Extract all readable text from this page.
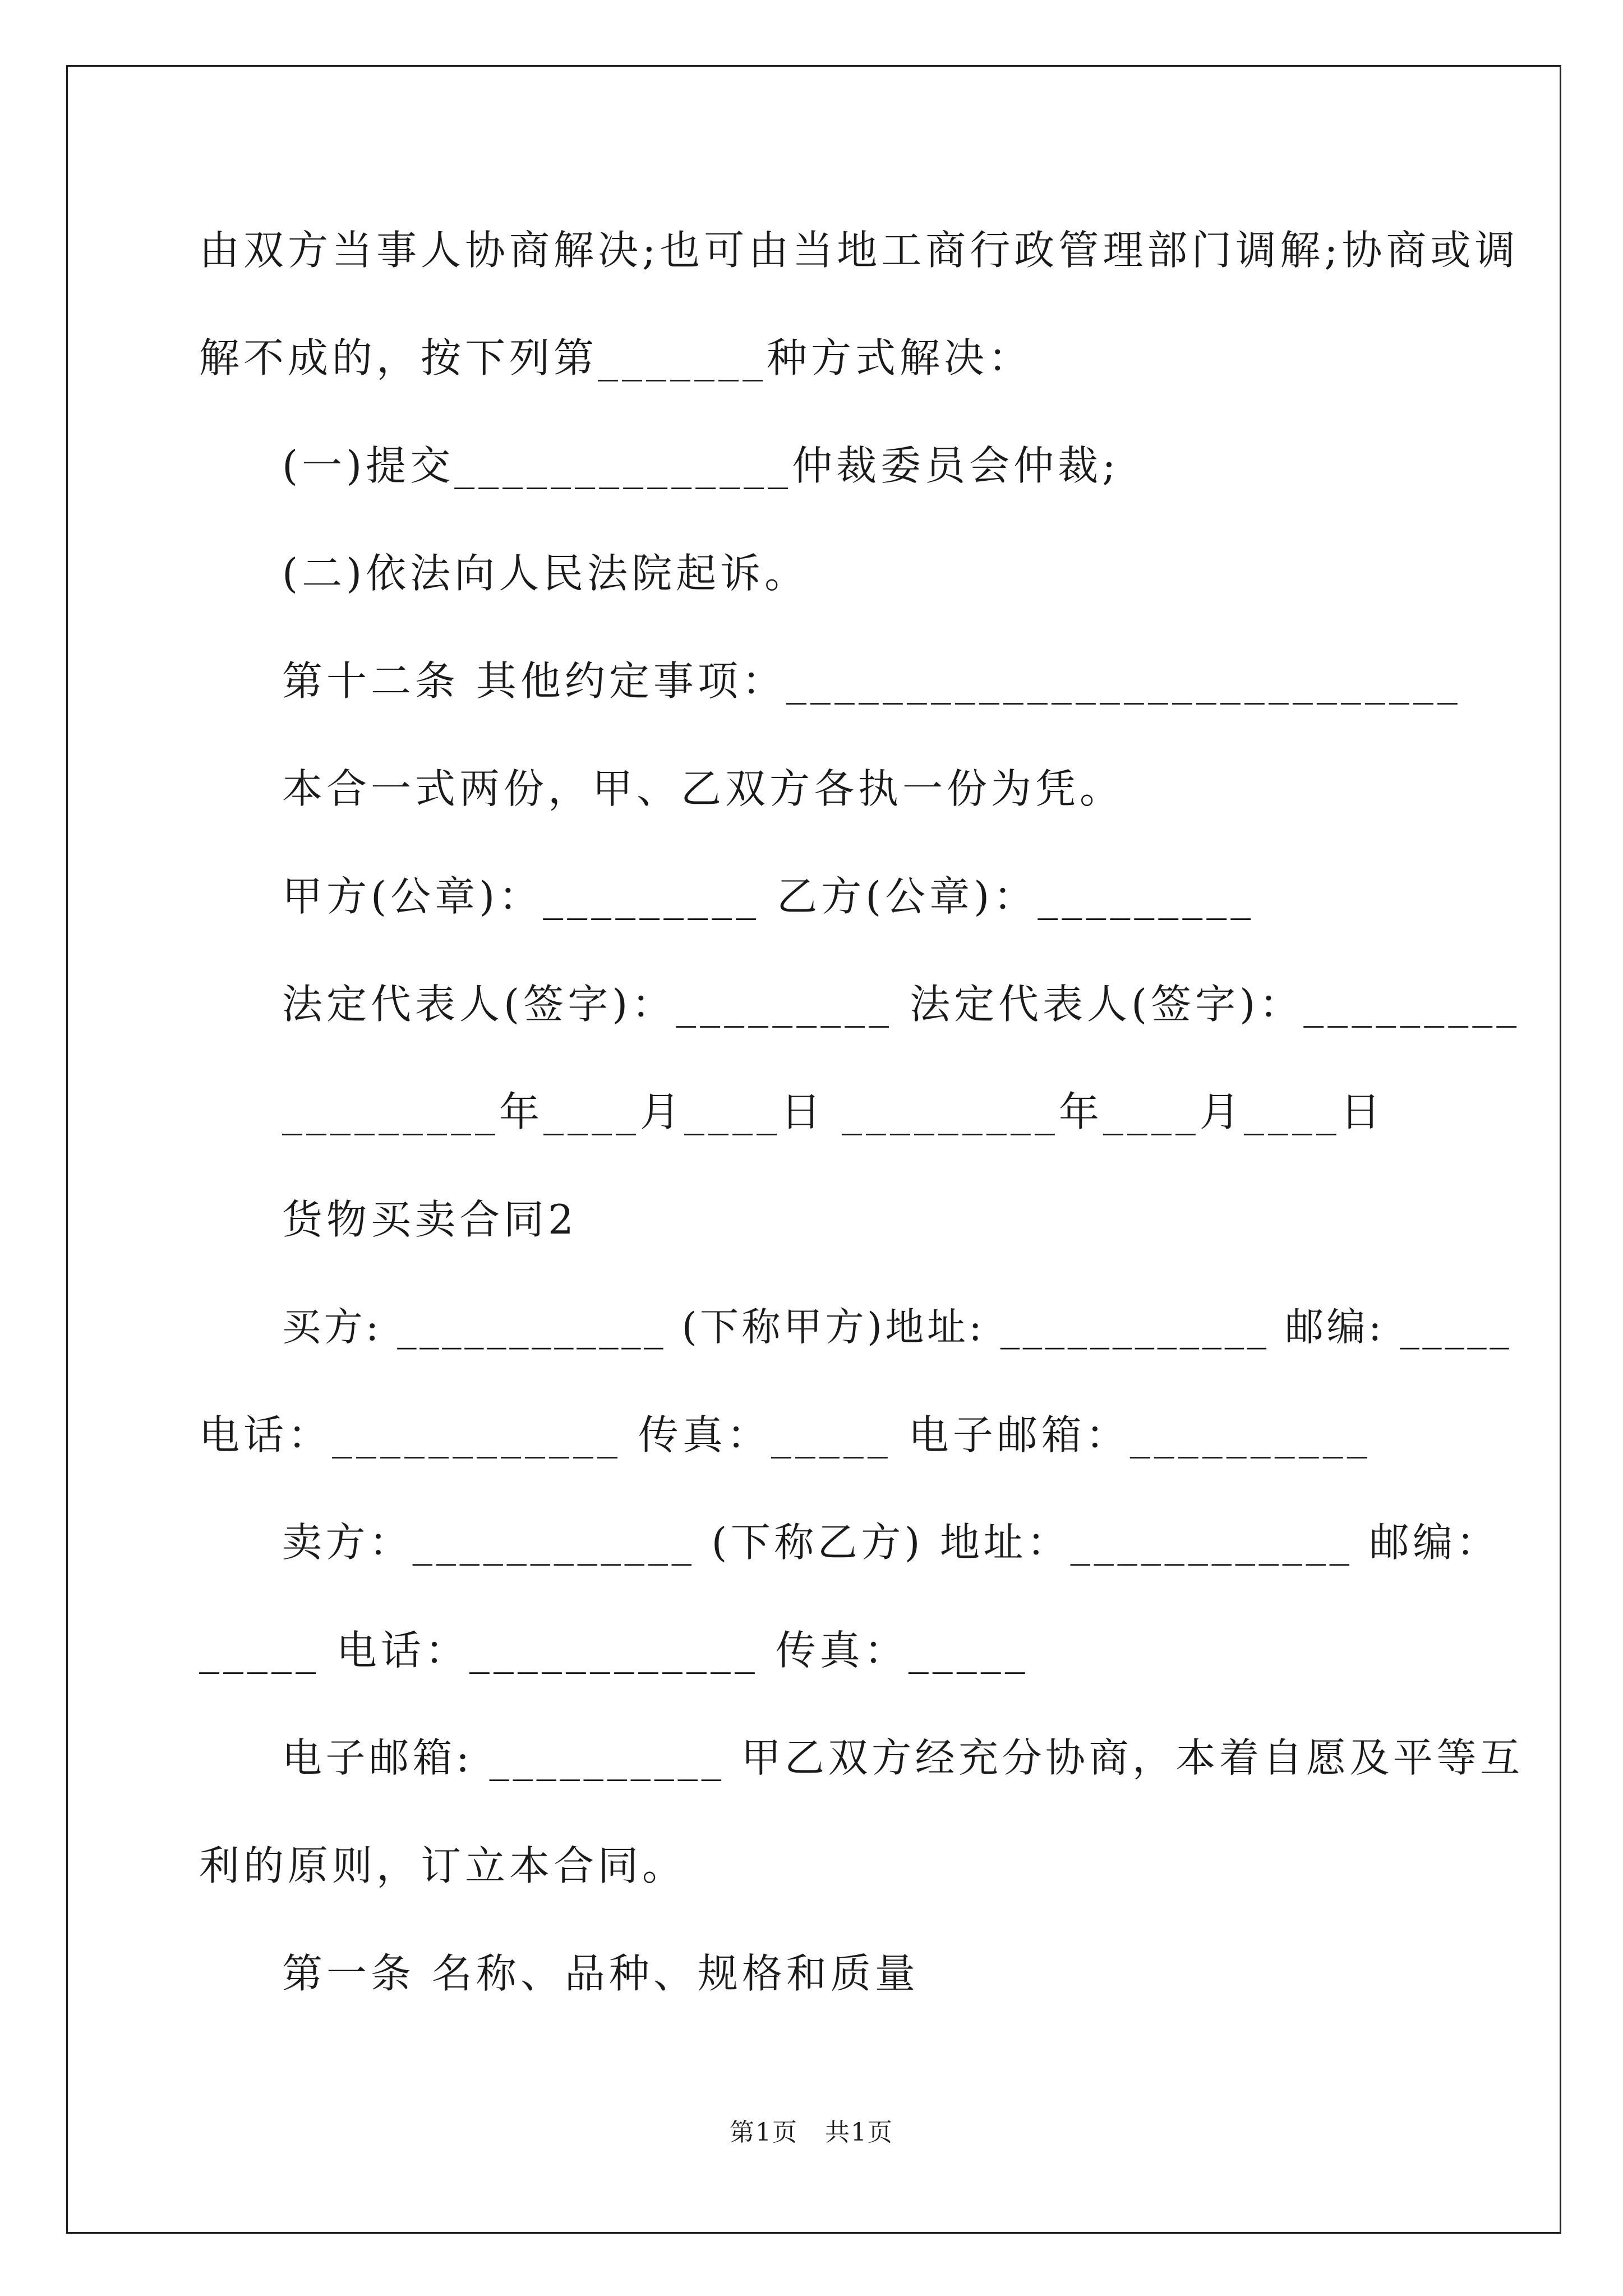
由双方当事人协商解决;也可由当地工商行政管理部门调解;协商或调
解不成的，按下列第_______种方式解决：
(一)提交______________仲裁委员会仲裁;
(二)依法向人民法院起诉。
第十二条 其他约定事项：____________________________
本合一式两份，甲、乙双方各执一份为凭。
甲方(公章)：_________ 乙方(公章)：_________
法定代表人(签字)：_________ 法定代表人(签字)：_________
_________年____月____日 _________年____月____日
货物买卖合同2
买方: ____________ (下称甲方)地址: ____________ 邮编: _____
电话：____________ 传真：_____ 电子邮箱：__________
卖方：____________ (下称乙方) 地址：____________ 邮编：
_____ 电话：____________ 传真：_____
电子邮箱: __________ 甲乙双方经充分协商，本着自愿及平等互
利的原则，订立本合同。
第一条 名称、品种、规格和质量
第1页   共1页
